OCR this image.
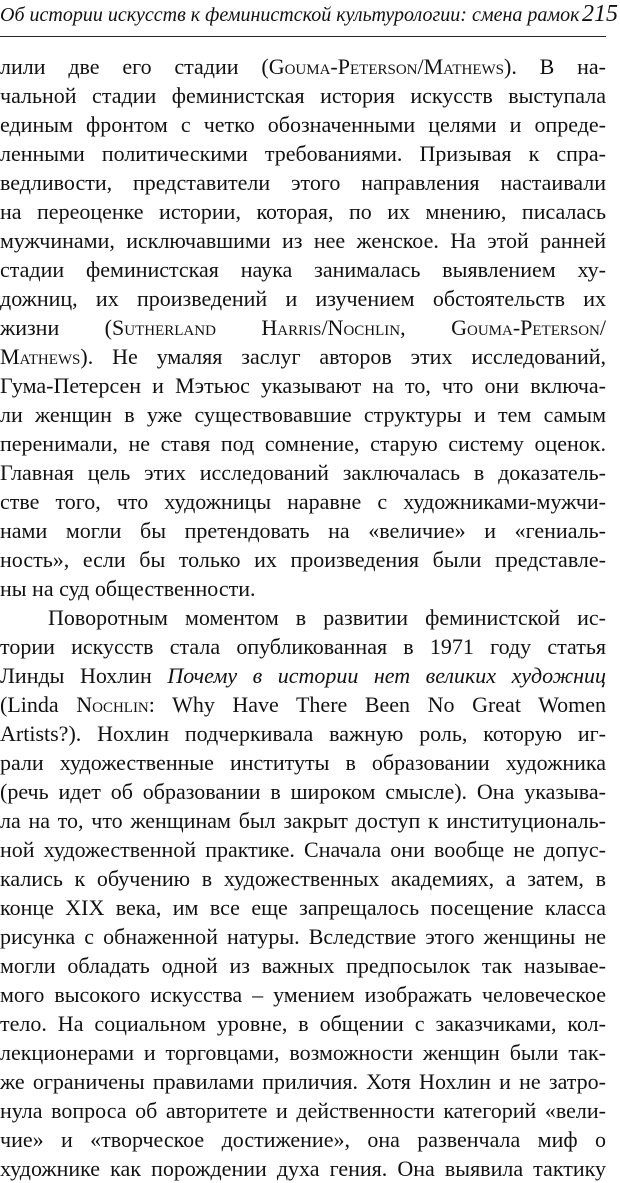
Об истории искусств к феминистской культурологии: смена рамок 215
лили две его стадии (Gouma-Peterson/Mathews). В на-
чальной стадии феминистская история искусств выступала
единым фронтом с четко обозначенными целями и опреде-
ленными политическими требованиями. Призывая к спра-
ведливости, представители этого направления настаивали
на переоценке истории, которая, по их мнению, писалась
мужчинами, исключавшими из нее женское. На этой ранней
стадии феминистская наука занималась выявлением ху-
дожниц, их произведений и изучением обстоятельств их
жизни (Sutherland Harris/Nochlin, Gouma-Peterson/
Mathews). Не умаляя заслуг авторов этих исследований,
Гума-Петерсен и Мэтьюс указывают на то, что они включа-
ли женщин в уже существовавшие структуры и тем самым
перенимали, не ставя под сомнение, старую систему оценок.
Главная цель этих исследований заключалась в доказатель-
стве того, что художницы наравне с художниками-мужчи-
нами могли бы претендовать на «величие» и «гениаль-
ность», если бы только их произведения были представле-
ны на суд общественности.
Поворотным моментом в развитии феминистской ис-
тории искусств стала опубликованная в 1971 году статья
Линды Нохлин Почему в истории нет великих художниц
(Linda Nochlin: Why Have There Been No Great Women
Artists?). Нохлин подчеркивала важную роль, которую иг-
рали художественные институты в образовании художника
(речь идет об образовании в широком смысле). Она указыва-
ла на то, что женщинам был закрыт доступ к институциональ-
ной художественной практике. Сначала они вообще не допус-
кались к обучению в художественных академиях, а затем, в
конце XIX века, им все еще запрещалось посещение класса
рисунка с обнаженной натуры. Вследствие этого женщины не
могли обладать одной из важных предпосылок так называе-
мого высокого искусства – умением изображать человеческое
тело. На социальном уровне, в общении с заказчиками, кол-
лекционерами и торговцами, возможности женщин были так-
же ограничены правилами приличия. Хотя Нохлин и не затро-
нула вопроса об авторитете и действенности категорий «вели-
чие» и «творческое достижение», она развенчала миф о
художнике как порождении духа гения. Она выявила тактику
